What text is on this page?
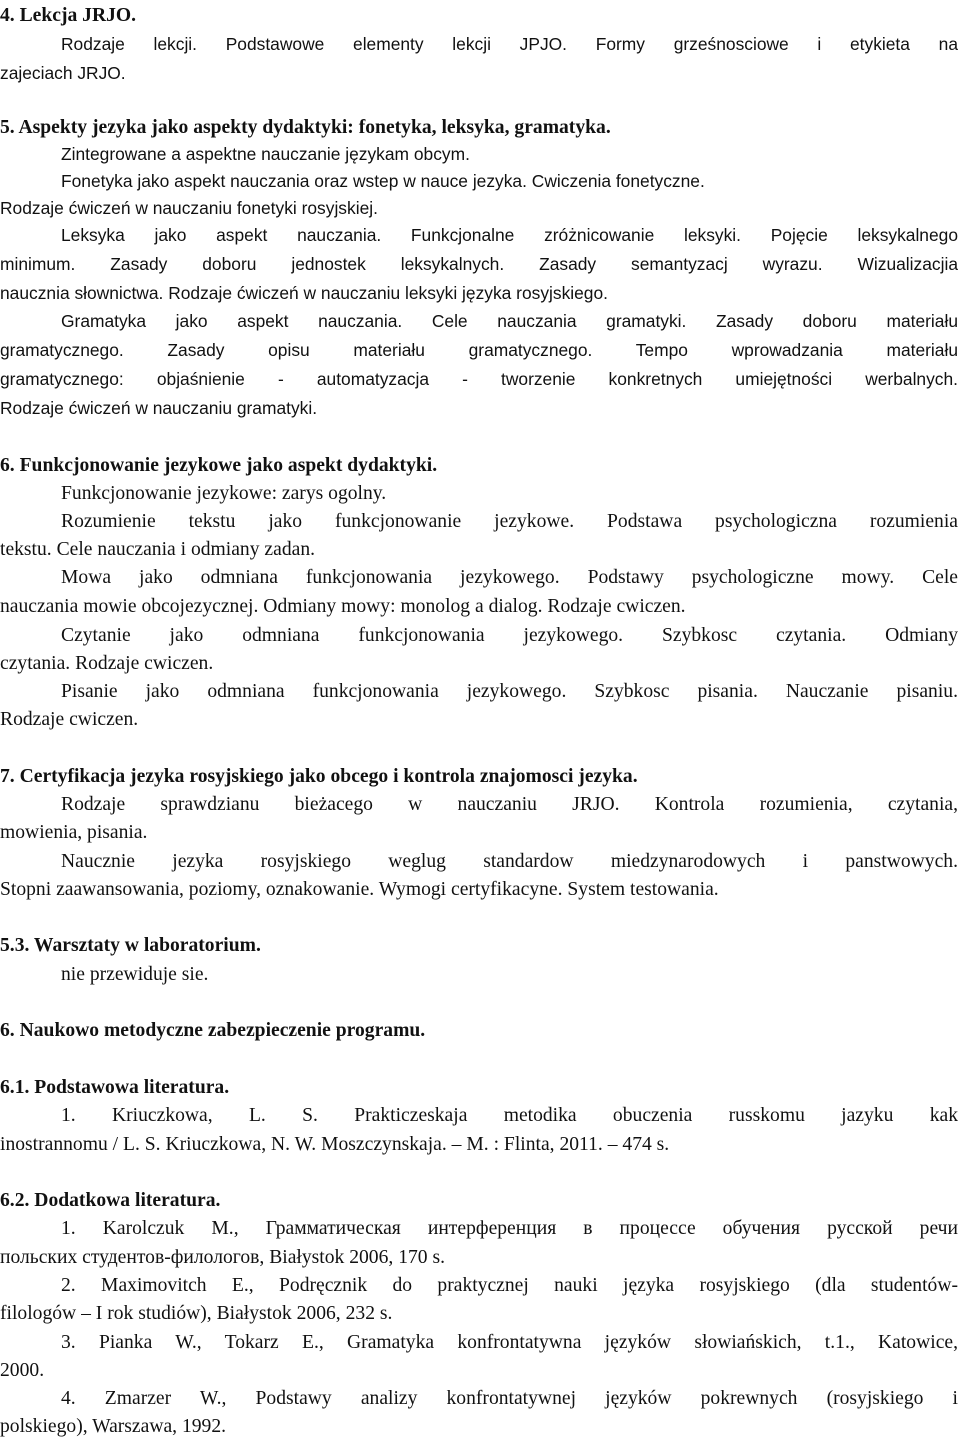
4. Lekcja JRJO.
Rodzaje lekcji. Podstawowe elementy lekcji JPJO. Formy grześnosciowe i etykieta na
zajeciach JRJO.
5. Aspekty jezyka jako aspekty dydaktyki: fonetyka, leksyka, gramatyka.
Zintegrowane a aspektne nauczanie językam obcym.
Fonetyka jako aspekt nauczania oraz wstep w nauce jezyka. Cwiczenia fonetyczne.
Rodzaje ćwiczeń w nauczaniu fonetyki rosyjskiej.
Leksyka jako aspekt nauczania. Funkcjonalne zróżnicowanie leksyki. Pojęcie leksykalnego
minimum. Zasady doboru jednostek leksykalnych. Zasady semantyzacj wyrazu. Wizualizacjia
naucznia słownictwa. Rodzaje ćwiczeń w nauczaniu leksyki języka rosyjskiego.
Gramatyka jako aspekt nauczania. Cele nauczania gramatyki. Zasady doboru materiału
gramatycznego. Zasady opisu materiału gramatycznego. Tempo wprowadzania materiału
gramatycznego: objaśnienie - automatyzacja - tworzenie konkretnych umiejętności werbalnych.
Rodzaje ćwiczeń w nauczaniu gramatyki.
6. Funkcjonowanie jezykowe jako aspekt dydaktyki.
Funkcjonowanie jezykowe: zarys ogolny.
Rozumienie tekstu jako funkcjonowanie jezykowe. Podstawa psychologiczna rozumienia
tekstu. Cele nauczania i odmiany zadan.
Mowa jako odmniana funkcjonowania jezykowego. Podstawy psychologiczne mowy. Cele
nauczania mowie obcojezycznej. Odmiany mowy: monolog a dialog. Rodzaje cwiczen.
Czytanie jako odmniana funkcjonowania jezykowego. Szybkosc czytania. Odmiany
czytania. Rodzaje cwiczen.
Pisanie jako odmniana funkcjonowania jezykowego. Szybkosc pisania. Nauczanie pisaniu.
Rodzaje cwiczen.
7. Certyfikacja jezyka rosyjskiego jako obcego i kontrola znajomosci jezyka.
Rodzaje sprawdzianu bieżacego w nauczaniu JRJO. Kontrola rozumienia, czytania,
mowienia, pisania.
Naucznie jezyka rosyjskiego weglug standardow miedzynarodowych i panstwowych.
Stopni zaawansowania, poziomy, oznakowanie. Wymogi certyfikacyne. System testowania.
5.3. Warsztaty w laboratorium.
nie przewiduje sie.
6. Naukowo metodyczne zabezpieczenie programu.
6.1. Podstawowa literatura.
1. Kriuczkowa, L. S. Prakticzeskaja metodika obuczenia russkomu jazyku kak
inostrannomu / L. S. Kriuczkowa, N. W. Moszczynskaja. – M. : Flinta, 2011. – 474 s.
6.2. Dodatkowa literatura.
1. Karolczuk M., Грамматическая интерференция в процессе обучения русской речи
польских студентов-филологов, Białystok 2006, 170 s.
2. Maximovitch E., Podręcznik do praktycznej nauki języka rosyjskiego (dla studentów-
filologów – I rok studiów), Białystok 2006, 232 s.
3. Pianka W., Tokarz E., Gramatyka konfrontatywna języków słowiańskich, t.1., Katowice,
2000.
4. Zmarzer W., Podstawy analizy konfrontatywnej języków pokrewnych (rosyjskiego i
polskiego), Warszawa, 1992.
